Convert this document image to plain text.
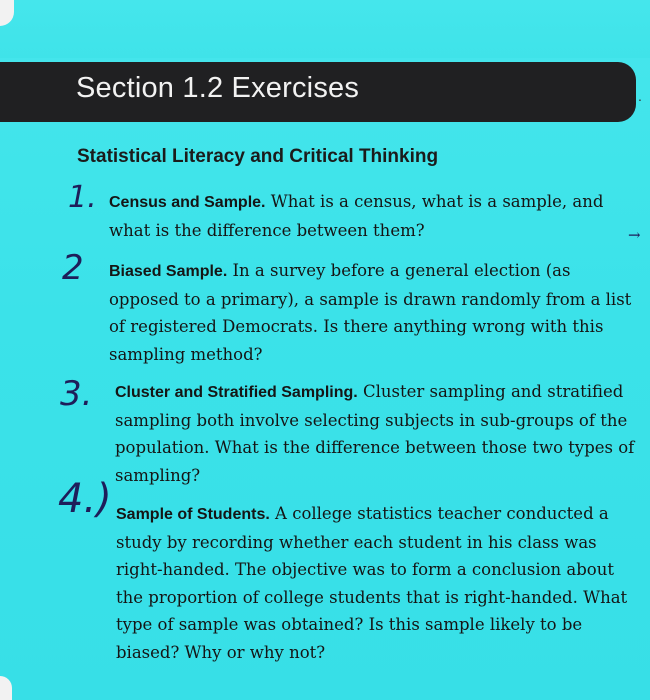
Section 1.2 Exercises	.
Statistical Literacy and Critical Thinking
1. Census and Sample. What is a census, what is a sample, and what is the difference between them?	→
2 Biased Sample. In a survey before a general election (as opposed to a primary), a sample is drawn randomly from a list of registered Democrats. Is there anything wrong with this sampling method?
3. Cluster and Stratified Sampling. Cluster sampling and stratified sampling both involve selecting subjects in sub-groups of the population. What is the difference between those two types of sampling?
4.) Sample of Students. A college statistics teacher conducted a study by recording whether each student in his class was right-handed. The objective was to form a conclusion about the proportion of college students that is right-handed. What type of sample was obtained? Is this sample likely to be biased? Why or why not?
